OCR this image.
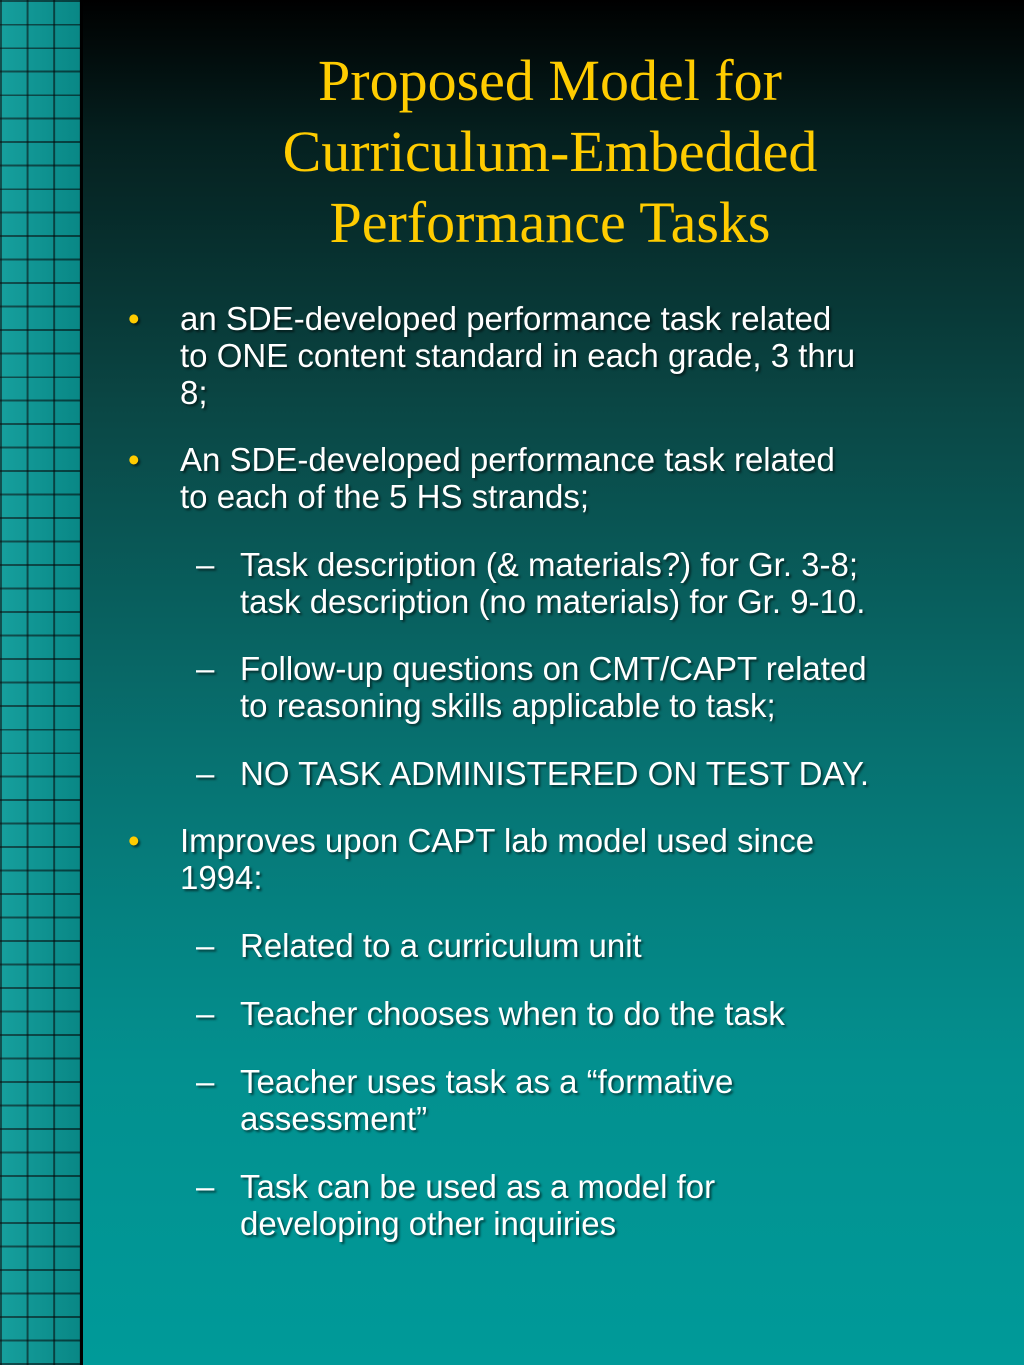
Proposed Model for
Curriculum-Embedded
Performance Tasks
• an SDE-developed performance task related
to ONE content standard in each grade, 3 thru
8;
• An SDE-developed performance task related
to each of the 5 HS strands;
– Task description (& materials?) for Gr. 3-8;
task description (no materials) for Gr. 9-10.
– Follow-up questions on CMT/CAPT related
to reasoning skills applicable to task;
– NO TASK ADMINISTERED ON TEST DAY.
• Improves upon CAPT lab model used since
1994:
– Related to a curriculum unit
– Teacher chooses when to do the task
– Teacher uses task as a “formative
assessment”
– Task can be used as a model for
developing other inquiries
